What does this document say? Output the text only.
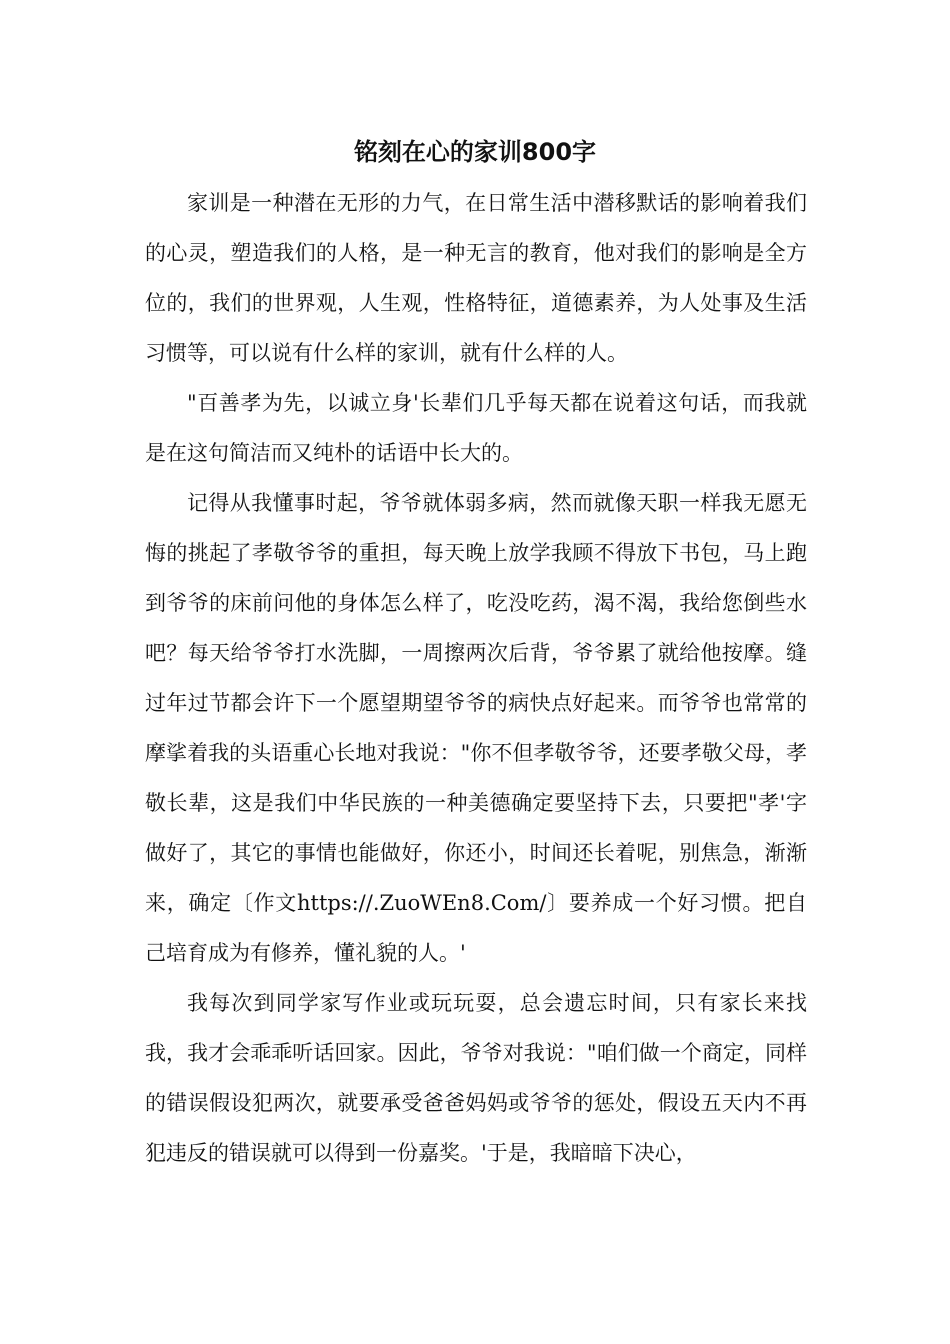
铭刻在心的家训800字

家训是一种潜在无形的力气，在日常生活中潜移默话的影响着我们的心灵，塑造我们的人格，是一种无言的教育，他对我们的影响是全方位的，我们的世界观，人生观，性格特征，道德素养，为人处事及生活习惯等，可以说有什么样的家训，就有什么样的人。

"百善孝为先，以诚立身'长辈们几乎每天都在说着这句话，而我就是在这句简洁而又纯朴的话语中长大的。

记得从我懂事时起，爷爷就体弱多病，然而就像天职一样我无愿无悔的挑起了孝敬爷爷的重担，每天晚上放学我顾不得放下书包，马上跑到爷爷的床前问他的身体怎么样了，吃没吃药，渴不渴，我给您倒些水吧？每天给爷爷打水洗脚，一周擦两次后背，爷爷累了就给他按摩。缝过年过节都会许下一个愿望期望爷爷的病快点好起来。而爷爷也常常的摩挲着我的头语重心长地对我说："你不但孝敬爷爷，还要孝敬父母，孝敬长辈，这是我们中华民族的一种美德确定要坚持下去，只要把"孝'字做好了，其它的事情也能做好，你还小，时间还长着呢，别焦急，渐渐来，确定〔作文https://.ZuoWEn8.Com/〕要养成一个好习惯。把自己培育成为有修养，懂礼貌的人。'

我每次到同学家写作业或玩玩耍，总会遗忘时间，只有家长来找我，我才会乖乖听话回家。因此，爷爷对我说："咱们做一个商定，同样的错误假设犯两次，就要承受爸爸妈妈或爷爷的惩处，假设五天内不再犯违反的错误就可以得到一份嘉奖。'于是，我暗暗下决心，
